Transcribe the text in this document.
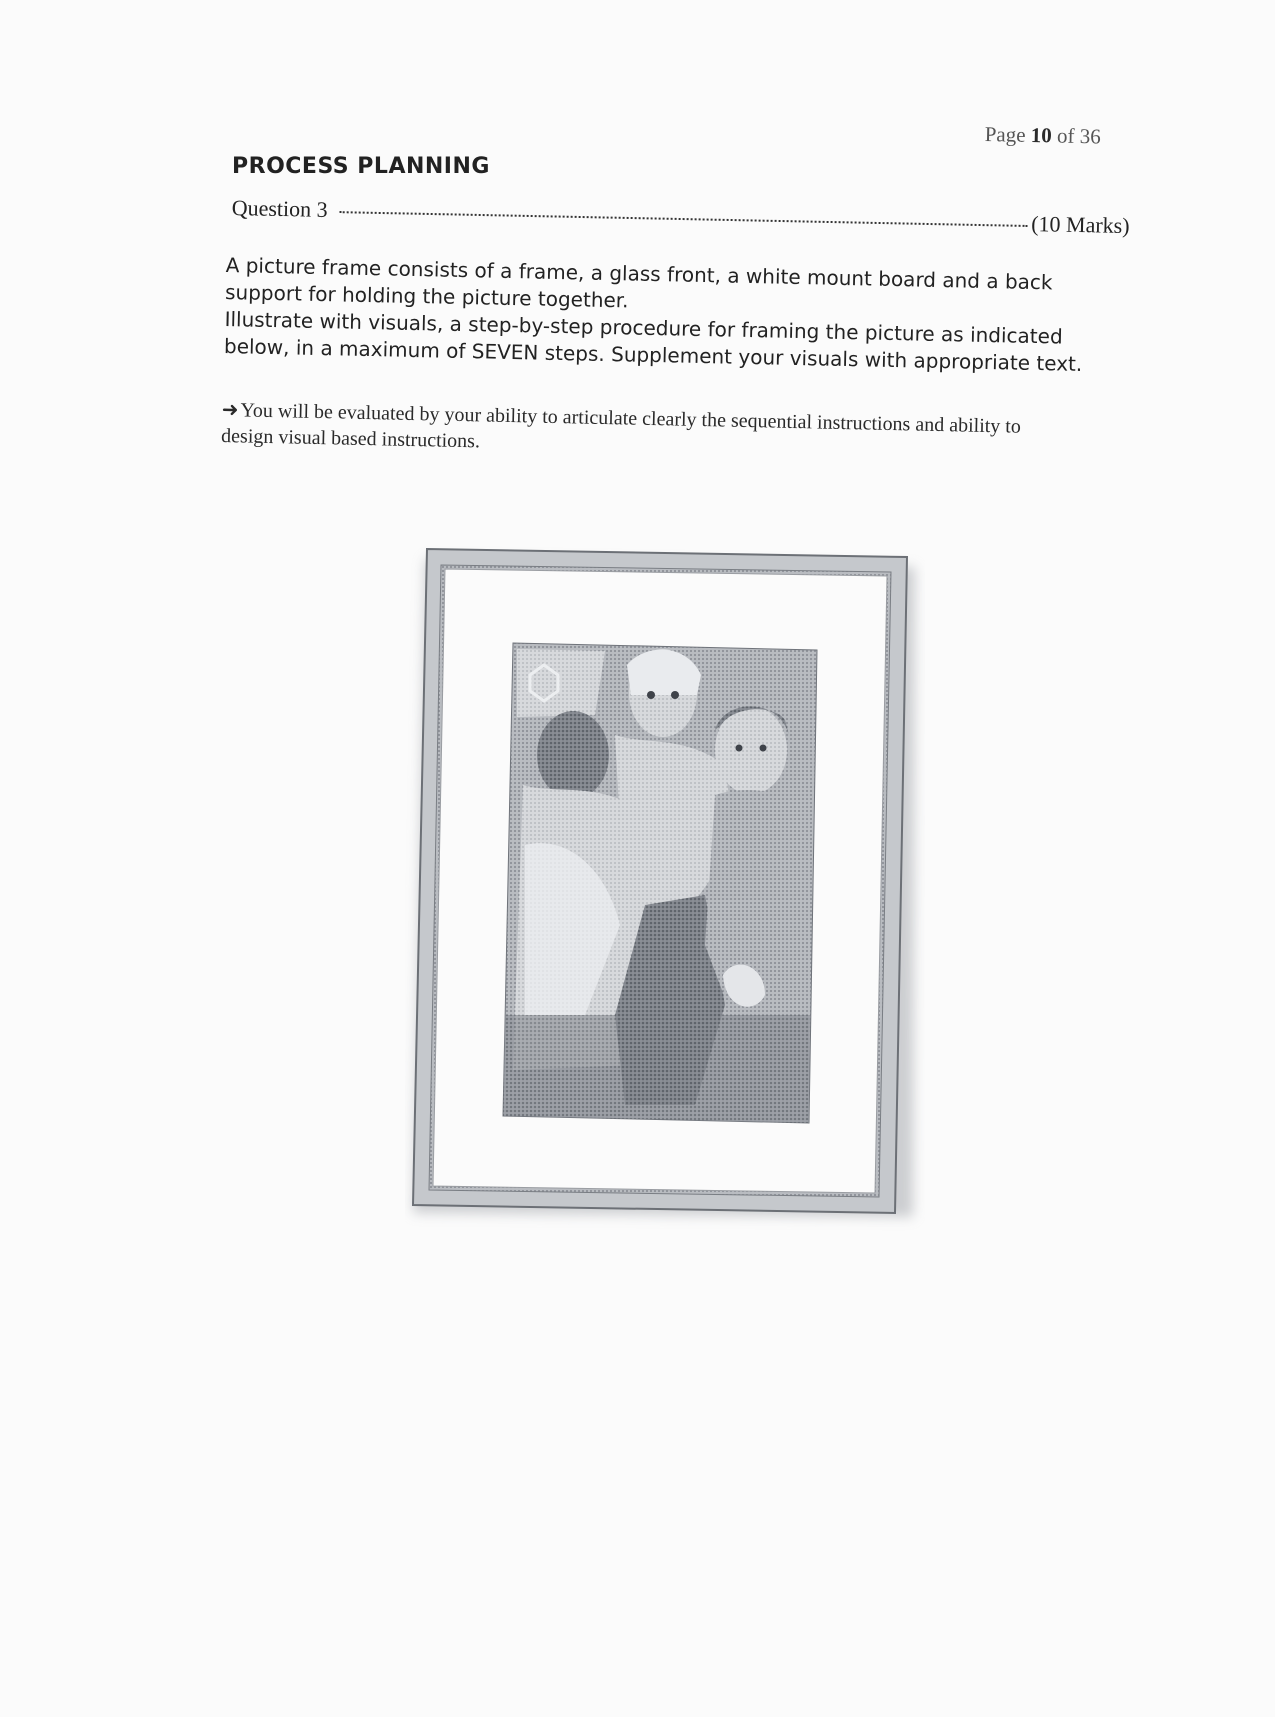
Page 10 of 36
PROCESS PLANNING
Question 3
(10 Marks)

A picture frame consists of a frame, a glass front, a white mount board and a back support for holding the picture together.

Illustrate with visuals, a step-by-step procedure for framing the picture as indicated below, in a maximum of SEVEN steps. Supplement your visuals with appropriate text.

➜You will be evaluated by your ability to articulate clearly the sequential instructions and ability to design visual based instructions.
